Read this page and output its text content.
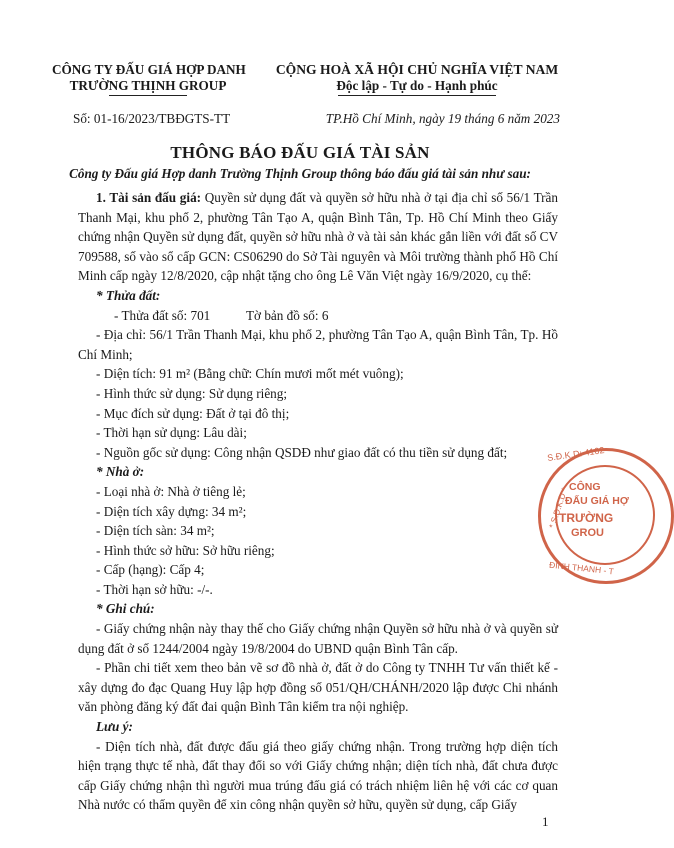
CÔNG TY ĐẤU GIÁ HỢP DANH
TRƯỜNG THỊNH GROUP
CỘNG HOÀ XÃ HỘI CHỦ NGHĨA VIỆT NAM
Độc lập - Tự do - Hạnh phúc
Số: 01-16/2023/TBĐGTS-TT	TP.Hồ Chí Minh, ngày 19 tháng 6 năm 2023
THÔNG BÁO ĐẤU GIÁ TÀI SẢN
Công ty Đấu giá Hợp danh Trường Thịnh Group thông báo đấu giá tài sản như sau:

1. Tài sản đấu giá: Quyền sử dụng đất và quyền sở hữu nhà ở tại địa chỉ số 56/1 Trần Thanh Mại, khu phố 2, phường Tân Tạo A, quận Bình Tân, Tp. Hồ Chí Minh theo Giấy chứng nhận Quyền sử dụng đất, quyền sở hữu nhà ở và tài sản khác gắn liền với đất số CV 709588, số vào sổ cấp GCN: CS06290 do Sở Tài nguyên và Môi trường thành phố Hồ Chí Minh cấp ngày 12/8/2020, cập nhật tặng cho ông Lê Văn Việt ngày 16/9/2020, cụ thể:

* Thửa đất:

- Thửa đất số: 701	Tờ bản đồ số: 6

- Địa chỉ: 56/1 Trần Thanh Mại, khu phố 2, phường Tân Tạo A, quận Bình Tân, Tp. Hồ Chí Minh;

- Diện tích: 91 m² (Bằng chữ: Chín mươi mốt mét vuông);

- Hình thức sử dụng: Sử dụng riêng;

- Mục đích sử dụng: Đất ở tại đô thị;

- Thời hạn sử dụng: Lâu dài;

- Nguồn gốc sử dụng: Công nhận QSDĐ như giao đất có thu tiền sử dụng đất;

* Nhà ở:

- Loại nhà ở: Nhà ở tiêng lẻ;

- Diện tích xây dựng: 34 m²;

- Diện tích sàn: 34 m²;

- Hình thức sở hữu: Sở hữu riêng;

- Cấp (hạng): Cấp 4;

- Thời hạn sở hữu: -/-.

* Ghi chú:

- Giấy chứng nhận này thay thế cho Giấy chứng nhận Quyền sở hữu nhà ở và quyền sử dụng đất ở số 1244/2004 ngày 19/8/2004 do UBND quận Bình Tân cấp.

- Phần chi tiết xem theo bản vẽ sơ đồ nhà ở, đất ở do Công ty TNHH Tư vấn thiết kế - xây dựng đo đạc Quang Huy lập hợp đồng số 051/QH/CHÁNH/2020 lập được Chi nhánh văn phòng đăng ký đất đai quận Bình Tân kiểm tra nội nghiệp.

Lưu ý:

- Diện tích nhà, đất được đấu giá theo giấy chứng nhận. Trong trường hợp diện tích hiện trạng thực tế nhà, đất thay đổi so với Giấy chứng nhận; diện tích nhà, đất chưa được cấp Giấy chứng nhận thì người mua trúng đấu giá có trách nhiệm liên hệ với các cơ quan Nhà nước có thẩm quyền để xin công nhận quyền sở hữu, quyền sử dụng, cấp Giấy

S.Đ.K.D: 4102
* S.Đ.K.D * CÔNG
ĐẤU GIÁ HỢ
TRƯỜNG
GROU
ĐÌNH THANH - T
1
